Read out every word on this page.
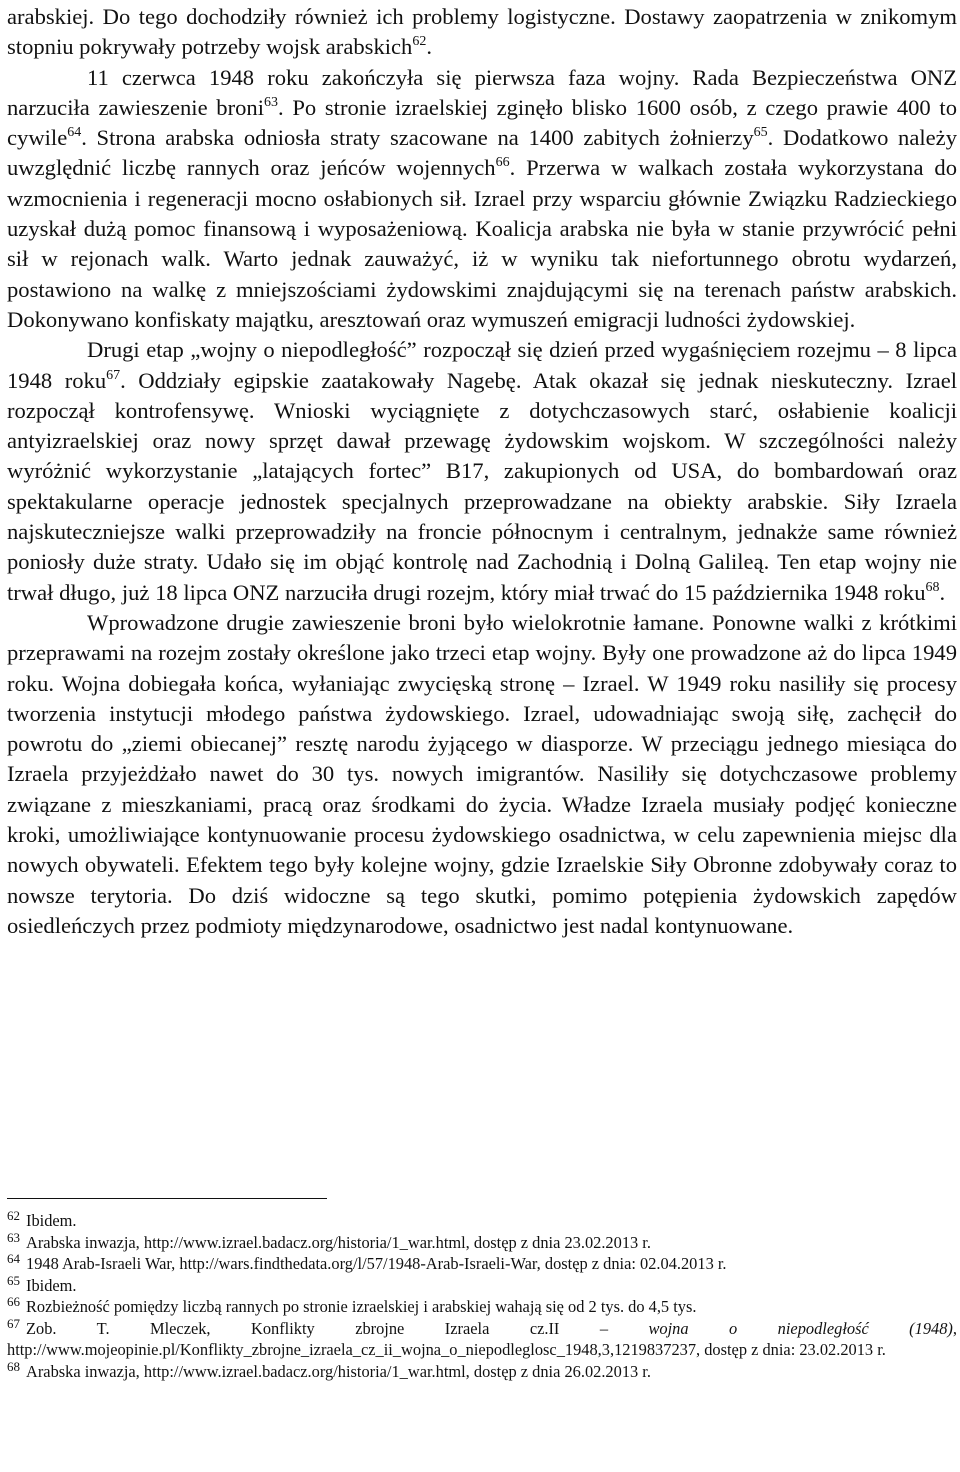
arabskiej. Do tego dochodziły również ich problemy logistyczne. Dostawy zaopatrzenia w znikomym stopniu pokrywały potrzeby wojsk arabskich$^{62}$.

11 czerwca 1948 roku zakończyła się pierwsza faza wojny. Rada Bezpieczeństwa ONZ narzuciła zawieszenie broni$^{63}$. Po stronie izraelskiej zginęło blisko 1600 osób, z czego prawie 400 to cywile$^{64}$. Strona arabska odniosła straty szacowane na 1400 zabitych żołnierzy$^{65}$. Dodatkowo należy uwzględnić liczbę rannych oraz jeńców wojennych$^{66}$. Przerwa w walkach została wykorzystana do wzmocnienia i regeneracji mocno osłabionych sił. Izrael przy wsparciu głównie Związku Radzieckiego uzyskał dużą pomoc finansową i wyposażeniową. Koalicja arabska nie była w stanie przywrócić pełni sił w rejonach walk. Warto jednak zauważyć, iż w wyniku tak niefortunnego obrotu wydarzeń, postawiono na walkę z mniejszościami żydowskimi znajdującymi się na terenach państw arabskich. Dokonywano konfiskaty majątku, aresztowań oraz wymuszeń emigracji ludności żydowskiej.

Drugi etap „wojny o niepodległość” rozpoczął się dzień przed wygaśnięciem rozejmu – 8 lipca 1948 roku$^{67}$. Oddziały egipskie zaatakowały Nagebę. Atak okazał się jednak nieskuteczny. Izrael rozpoczął kontrofensywę. Wnioski wyciągnięte z dotychczasowych starć, osłabienie koalicji antyizraelskiej oraz nowy sprzęt dawał przewagę żydowskim wojskom. W szczególności należy wyróżnić wykorzystanie „latających fortec” B17, zakupionych od USA, do bombardowań oraz spektakularne operacje jednostek specjalnych przeprowadzane na obiekty arabskie. Siły Izraela najskuteczniejsze walki przeprowadziły na froncie północnym i centralnym, jednakże same również poniosły duże straty. Udało się im objąć kontrolę nad Zachodnią i Dolną Galileą. Ten etap wojny nie trwał długo, już 18 lipca ONZ narzuciła drugi rozejm, który miał trwać do 15 października 1948 roku$^{68}$.

Wprowadzone drugie zawieszenie broni było wielokrotnie łamane. Ponowne walki z krótkimi przeprawami na rozejm zostały określone jako trzeci etap wojny. Były one prowadzone aż do lipca 1949 roku. Wojna dobiegała końca, wyłaniając zwycięską stronę – Izrael. W 1949 roku nasiliły się procesy tworzenia instytucji młodego państwa żydowskiego. Izrael, udowadniając swoją siłę, zachęcił do powrotu do „ziemi obiecanej” resztę narodu żyjącego w diasporze. W przeciągu jednego miesiąca do Izraela przyjeżdżało nawet do 30 tys. nowych imigrantów. Nasiliły się dotychczasowe problemy związane z mieszkaniami, pracą oraz środkami do życia. Władze Izraela musiały podjęć konieczne kroki, umożliwiające kontynuowanie procesu żydowskiego osadnictwa, w celu zapewnienia miejsc dla nowych obywateli. Efektem tego były kolejne wojny, gdzie Izraelskie Siły Obronne zdobywały coraz to nowsze terytoria. Do dziś widoczne są tego skutki, pomimo potępienia żydowskich zapędów osiedleńczych przez podmioty międzynarodowe, osadnictwo jest nadal kontynuowane.

$^{62}$ Ibidem.

$^{63}$ Arabska inwazja, http://www.izrael.badacz.org/historia/1_war.html, dostęp z dnia 23.02.2013 r.

$^{64}$ 1948 Arab-Israeli War, http://wars.findthedata.org/l/57/1948-Arab-Israeli-War, dostęp z dnia: 02.04.2013 r.

$^{65}$ Ibidem.

$^{66}$ Rozbieżność pomiędzy liczbą rannych po stronie izraelskiej i arabskiej wahają się od 2 tys. do 4,5 tys.

$^{67}$ Zob. T. Mleczek, Konflikty zbrojne Izraela cz.II – wojna o niepodległość (1948), http://www.mojeopinie.pl/Konflikty_zbrojne_izraela_cz_ii_wojna_o_niepodleglosc_1948,3,1219837237, dostęp z dnia: 23.02.2013 r.

$^{68}$ Arabska inwazja, http://www.izrael.badacz.org/historia/1_war.html, dostęp z dnia 26.02.2013 r.
